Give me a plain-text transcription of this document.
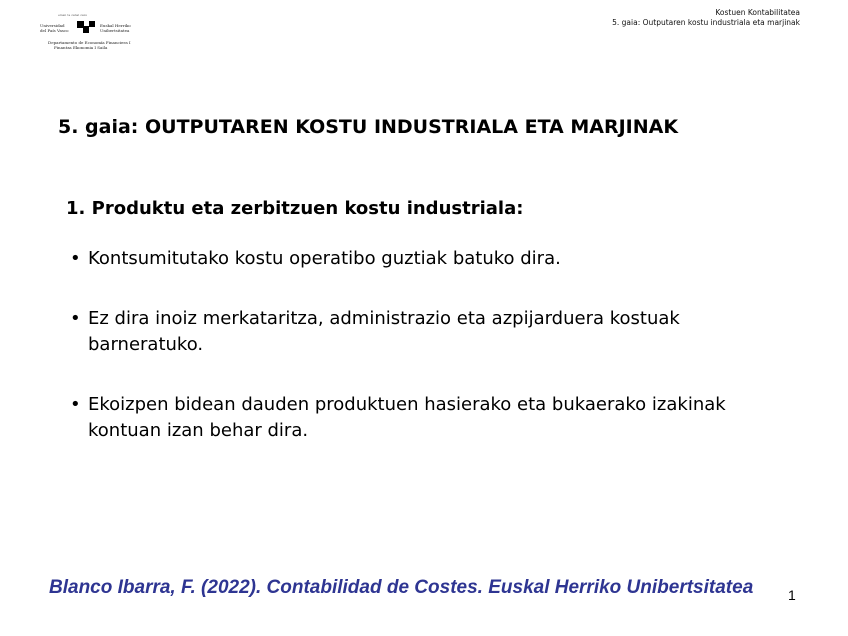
eman ta zabal zazu
Universidad
del País Vasco
Euskal Herriko
Unibertsitatea
Departamento de Economía Financiera I
Finantza Ekonomia I Saila
Kostuen Kontabilitatea
5. gaia: Outputaren kostu industriala eta marjinak
5. gaia: OUTPUTAREN KOSTU INDUSTRIALA ETA MARJINAK
1. Produktu eta zerbitzuen kostu industriala:
• Kontsumitutako kostu operatibo guztiak batuko dira.
• Ez dira inoiz merkataritza, administrazio eta azpijarduera kostuak barneratuko.
• Ekoizpen bidean dauden produktuen hasierako eta bukaerako izakinak kontuan izan behar dira.
Blanco Ibarra, F. (2022). Contabilidad de Costes. Euskal Herriko Unibertsitatea 1
